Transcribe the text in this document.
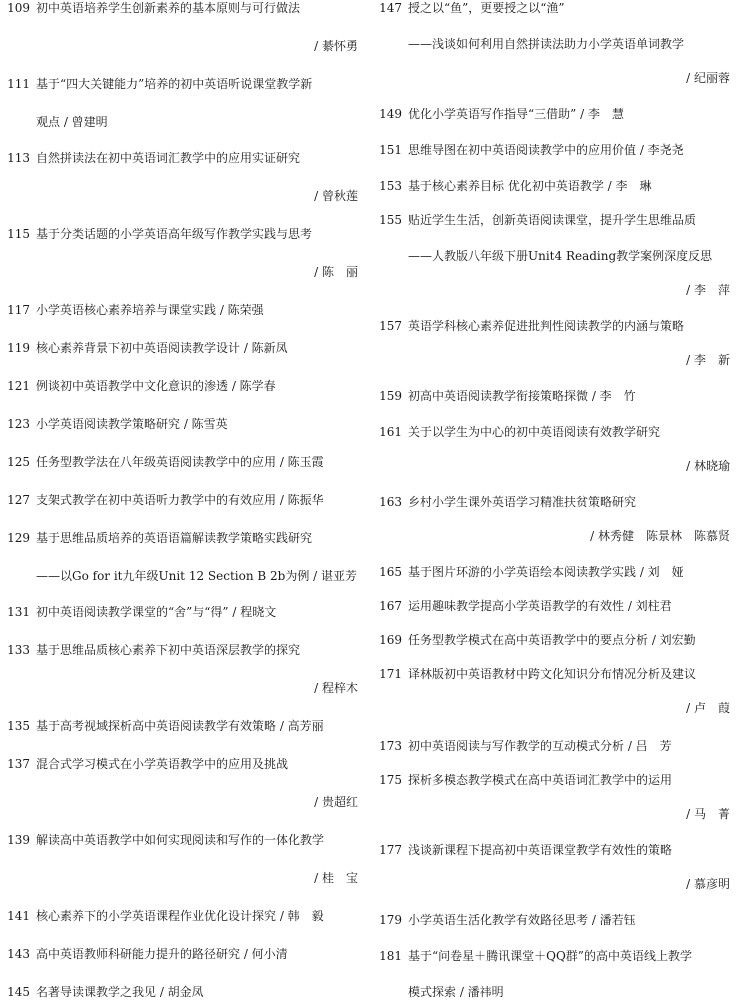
109 初中英语培养学生创新素养的基本原则与可行做法
/ 綦怀勇
111 基于“四大关键能力”培养的初中英语听说课堂教学新
观点 / 曾建明
113 自然拼读法在初中英语词汇教学中的应用实证研究
/ 曾秋莲
115 基于分类话题的小学英语高年级写作教学实践与思考
/ 陈　丽
117 小学英语核心素养培养与课堂实践 / 陈荣强
119 核心素养背景下初中英语阅读教学设计 / 陈新凤
121 例谈初中英语教学中文化意识的渗透 / 陈学春
123 小学英语阅读教学策略研究 / 陈雪英
125 任务型教学法在八年级英语阅读教学中的应用 / 陈玉霞
127 支架式教学在初中英语听力教学中的有效应用 / 陈振华
129 基于思维品质培养的英语语篇解读教学策略实践研究
——以Go for it九年级Unit 12 Section B 2b为例 / 谌亚芳
131 初中英语阅读教学课堂的“舍”与“得” / 程晓文
133 基于思维品质核心素养下初中英语深层教学的探究
/ 程梓木
135 基于高考视域探析高中英语阅读教学有效策略 / 高芳丽
137 混合式学习模式在小学英语教学中的应用及挑战
/ 贵超红
139 解读高中英语教学中如何实现阅读和写作的一体化教学
/ 桂　宝
141 核心素养下的小学英语课程作业优化设计探究 / 韩　毅
143 高中英语教师科研能力提升的路径研究 / 何小清
145 名著导读课教学之我见 / 胡金凤
147 授之以“鱼”，更要授之以“渔”
——浅谈如何利用自然拼读法助力小学英语单词教学
/ 纪丽蓉
149 优化小学英语写作指导“三借助” / 李　慧
151 思维导图在初中英语阅读教学中的应用价值 / 李尧尧
153 基于核心素养目标 优化初中英语教学 / 李　琳
155 贴近学生生活，创新英语阅读课堂，提升学生思维品质
——人教版八年级下册Unit4 Reading教学案例深度反思
/ 李　萍
157 英语学科核心素养促进批判性阅读教学的内涵与策略
/ 李　新
159 初高中英语阅读教学衔接策略探微 / 李　竹
161 关于以学生为中心的初中英语阅读有效教学研究
/ 林晓瑜
163 乡村小学生课外英语学习精准扶贫策略研究
/ 林秀健　陈景林　陈慕贤
165 基于图片环游的小学英语绘本阅读教学实践 / 刘　娅
167 运用趣味教学提高小学英语教学的有效性 / 刘柱君
169 任务型教学模式在高中英语教学中的要点分析 / 刘宏勤
171 译林版初中英语教材中跨文化知识分布情况分析及建议
/ 卢　葭
173 初中英语阅读与写作教学的互动模式分析 / 吕　芳
175 探析多模态教学模式在高中英语词汇教学中的运用
/ 马　菁
177 浅谈新课程下提高初中英语课堂教学有效性的策略
/ 慕彦明
179 小学英语生活化教学有效路径思考 / 潘若钰
181 基于“问卷星＋腾讯课堂＋QQ群”的高中英语线上教学
模式探索 / 潘祎明
